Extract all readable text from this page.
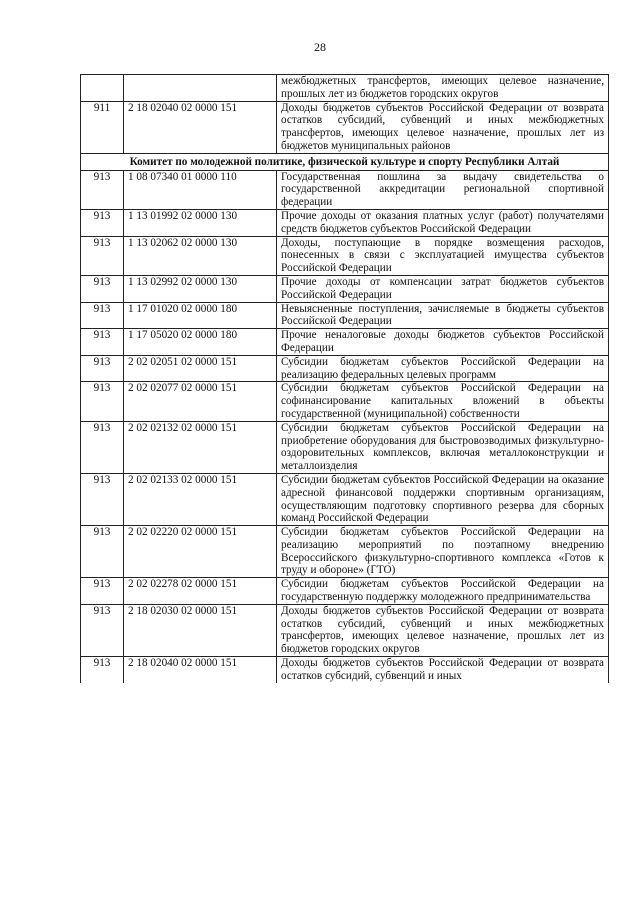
28
		межбюджетных трансфертов, имеющих целевое назначение, прошлых лет из бюджетов городских округов
911	2 18 02040 02 0000 151	Доходы бюджетов субъектов Российской Федерации от возврата остатков субсидий, субвенций и иных межбюджетных трансфертов, имеющих целевое назначение, прошлых лет из бюджетов муниципальных районов
Комитет по молодежной политике, физической культуре и спорту Республики Алтай		
913	1 08 07340 01 0000 110	Государственная пошлина за выдачу свидетельства о государственной аккредитации региональной спортивной федерации
913	1 13 01992 02 0000 130	Прочие доходы от оказания платных услуг (работ) получателями средств бюджетов субъектов Российской Федерации
913	1 13 02062 02 0000 130	Доходы, поступающие в порядке возмещения расходов, понесенных в связи с эксплуатацией имущества субъектов Российской Федерации
913	1 13 02992 02 0000 130	Прочие доходы от компенсации затрат бюджетов субъектов Российской Федерации
913	1 17 01020 02 0000 180	Невыясненные поступления, зачисляемые в бюджеты субъектов Российской Федерации
913	1 17 05020 02 0000 180	Прочие неналоговые доходы бюджетов субъектов Российской Федерации
913	2 02 02051 02 0000 151	Субсидии бюджетам субъектов Российской Федерации на реализацию федеральных целевых программ
913	2 02 02077 02 0000 151	Субсидии бюджетам субъектов Российской Федерации на софинансирование капитальных вложений в объекты государственной (муниципальной) собственности
913	2 02 02132 02 0000 151	Субсидии бюджетам субъектов Российской Федерации на приобретение оборудования для быстровозводимых физкультурно-оздоровительных комплексов, включая металлоконструкции и металлоизделия
913	2 02 02133 02 0000 151	Субсидии бюджетам субъектов Российской Федерации на оказание адресной финансовой поддержки спортивным организациям, осуществляющим подготовку спортивного резерва для сборных команд Российской Федерации
913	2 02 02220 02 0000 151	Субсидии бюджетам субъектов Российской Федерации на реализацию мероприятий по поэтапному внедрению Всероссийского физкультурно-спортивного комплекса «Готов к труду и обороне» (ГТО)
913	2 02 02278 02 0000 151	Субсидии бюджетам субъектов Российской Федерации на государственную поддержку молодежного предпринимательства
913	2 18 02030 02 0000 151	Доходы бюджетов субъектов Российской Федерации от возврата остатков субсидий, субвенций и иных межбюджетных трансфертов, имеющих целевое назначение, прошлых лет из бюджетов городских округов
913	2 18 02040 02 0000 151	Доходы бюджетов субъектов Российской Федерации от возврата остатков субсидий, субвенций и иных
